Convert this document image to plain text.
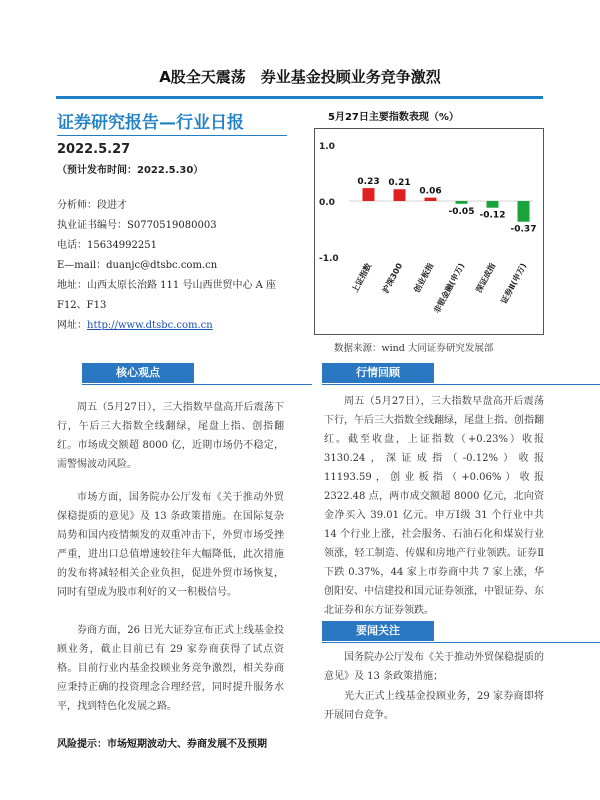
A股全天震荡　券业基金投顾业务竞争激烈
证券研究报告—行业日报
2022.5.27
（预计发布时间：2022.5.30）
分析师：段进才
执业证书编号：S0770519080003
电话：15634992251
E—mail：duanjc@dtsbc.com.cn
地址：山西太原长治路 111 号山西世贸中心 A 座 F12、F13
网址：http://www.dtsbc.com.cn
5月27日主要指数表现（%）
1.0
0.0
-1.0
0.23
上证指数
0.21
沪深300
0.06
创业板指
-0.05
非银金融(申万)
-0.12
深证成指
-0.37
证券Ⅱ(申万)
数据来源：wind 大同证券研究发展部
核心观点

周五（5月27日），三大指数早盘高开后震荡下行，午后三大指数全线翻绿，尾盘上指、创指翻红。市场成交额超 8000 亿，近期市场仍不稳定，需警惕波动风险。

市场方面，国务院办公厅发布《关于推动外贸保稳提质的意见》及 13 条政策措施。在国际复杂局势和国内疫情频发的双重冲击下，外贸市场受挫严重，进出口总值增速较往年大幅降低，此次措施的发布将减轻相关企业负担，促进外贸市场恢复，同时有望成为股市利好的又一积极信号。

券商方面，26 日光大证券宣布正式上线基金投顾业务，截止目前已有 29 家券商获得了试点资格。目前行业内基金投顾业务竞争激烈，相关券商应秉持正确的投资理念合理经营，同时提升服务水平，找到特色化发展之路。

风险提示：市场短期波动大、券商发展不及预期
行情回顾

周五（5月27日），三大指数早盘高开后震荡下行，午后三大指数全线翻绿，尾盘上指、创指翻红。截至收盘，上证指数（+0.23%）收报 3130.24，深证成指（-0.12%）收报 11193.59，创业板指（+0.06%）收报 2322.48 点，两市成交额超 8000 亿元，北向资金净买入 39.01 亿元。申万Ⅰ级 31 个行业中共 14 个行业上涨，社会服务、石油石化和煤炭行业领涨，轻工制造、传媒和房地产行业领跌。证券Ⅱ下跌 0.37%，44 家上市券商中共 7 家上涨，华创阳安、中信建投和国元证券领涨，中银证券、东北证券和东方证券领跌。

要闻关注

国务院办公厅发布《关于推动外贸保稳提质的意见》及 13 条政策措施；

光大正式上线基金投顾业务，29 家券商即将开展同台竞争。
